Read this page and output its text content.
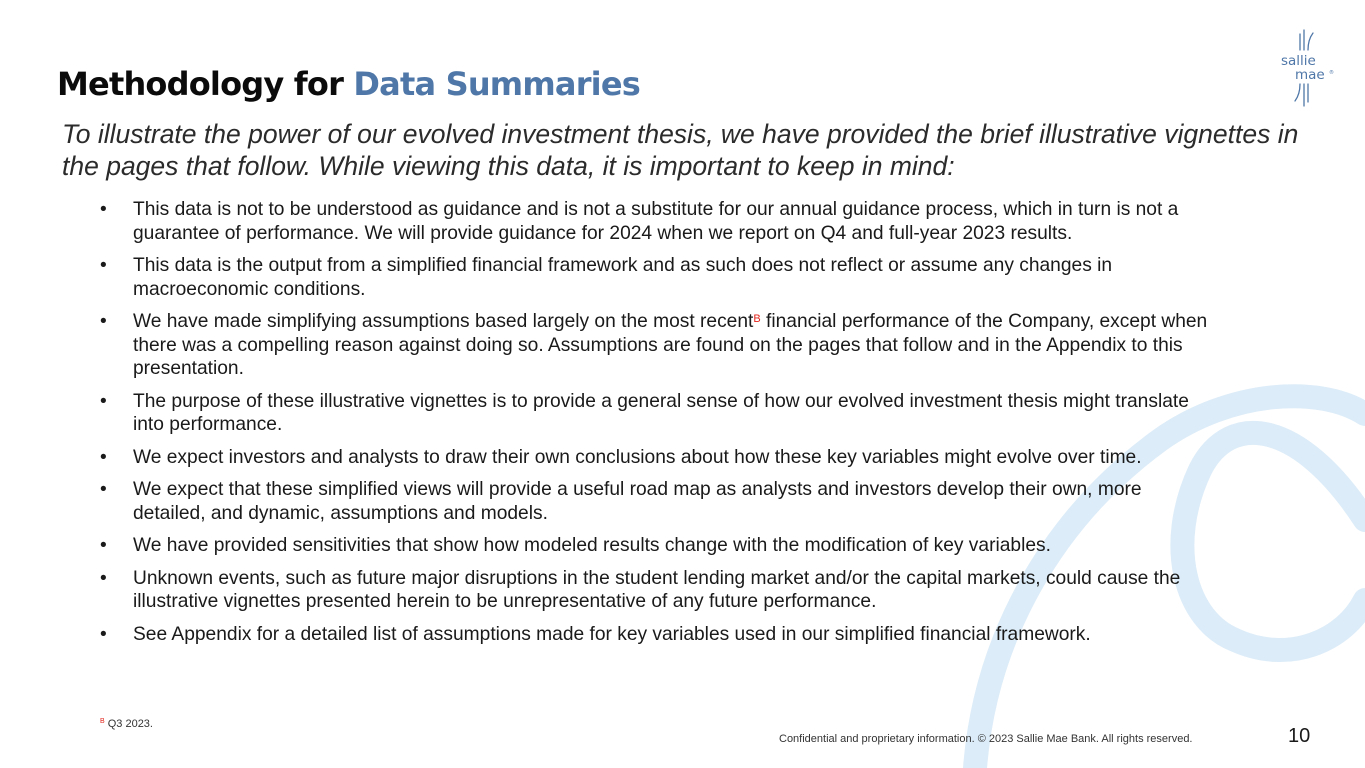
Methodology for Data Summaries
sallie
mae ®
To illustrate the power of our evolved investment thesis, we have provided the brief illustrative vignettes in the pages that follow. While viewing this data, it is important to keep in mind:
•	This data is not to be understood as guidance and is not a substitute for our annual guidance process, which in turn is not a guarantee of performance. We will provide guidance for 2024 when we report on Q4 and full-year 2023 results.
•	This data is the output from a simplified financial framework and as such does not reflect or assume any changes in macroeconomic conditions.
•	We have made simplifying assumptions based largely on the most recent$^B$ financial performance of the Company, except when there was a compelling reason against doing so. Assumptions are found on the pages that follow and in the Appendix to this presentation.
•	The purpose of these illustrative vignettes is to provide a general sense of how our evolved investment thesis might translate into performance.
•	We expect investors and analysts to draw their own conclusions about how these key variables might evolve over time.
•	We expect that these simplified views will provide a useful road map as analysts and investors develop their own, more detailed, and dynamic, assumptions and models.
•	We have provided sensitivities that show how modeled results change with the modification of key variables.
•	Unknown events, such as future major disruptions in the student lending market and/or the capital markets, could cause the illustrative vignettes presented herein to be unrepresentative of any future performance.
•	See Appendix for a detailed list of assumptions made for key variables used in our simplified financial framework.
$^B$ Q3 2023.
Confidential and proprietary information. © 2023 Sallie Mae Bank. All rights reserved.	10
